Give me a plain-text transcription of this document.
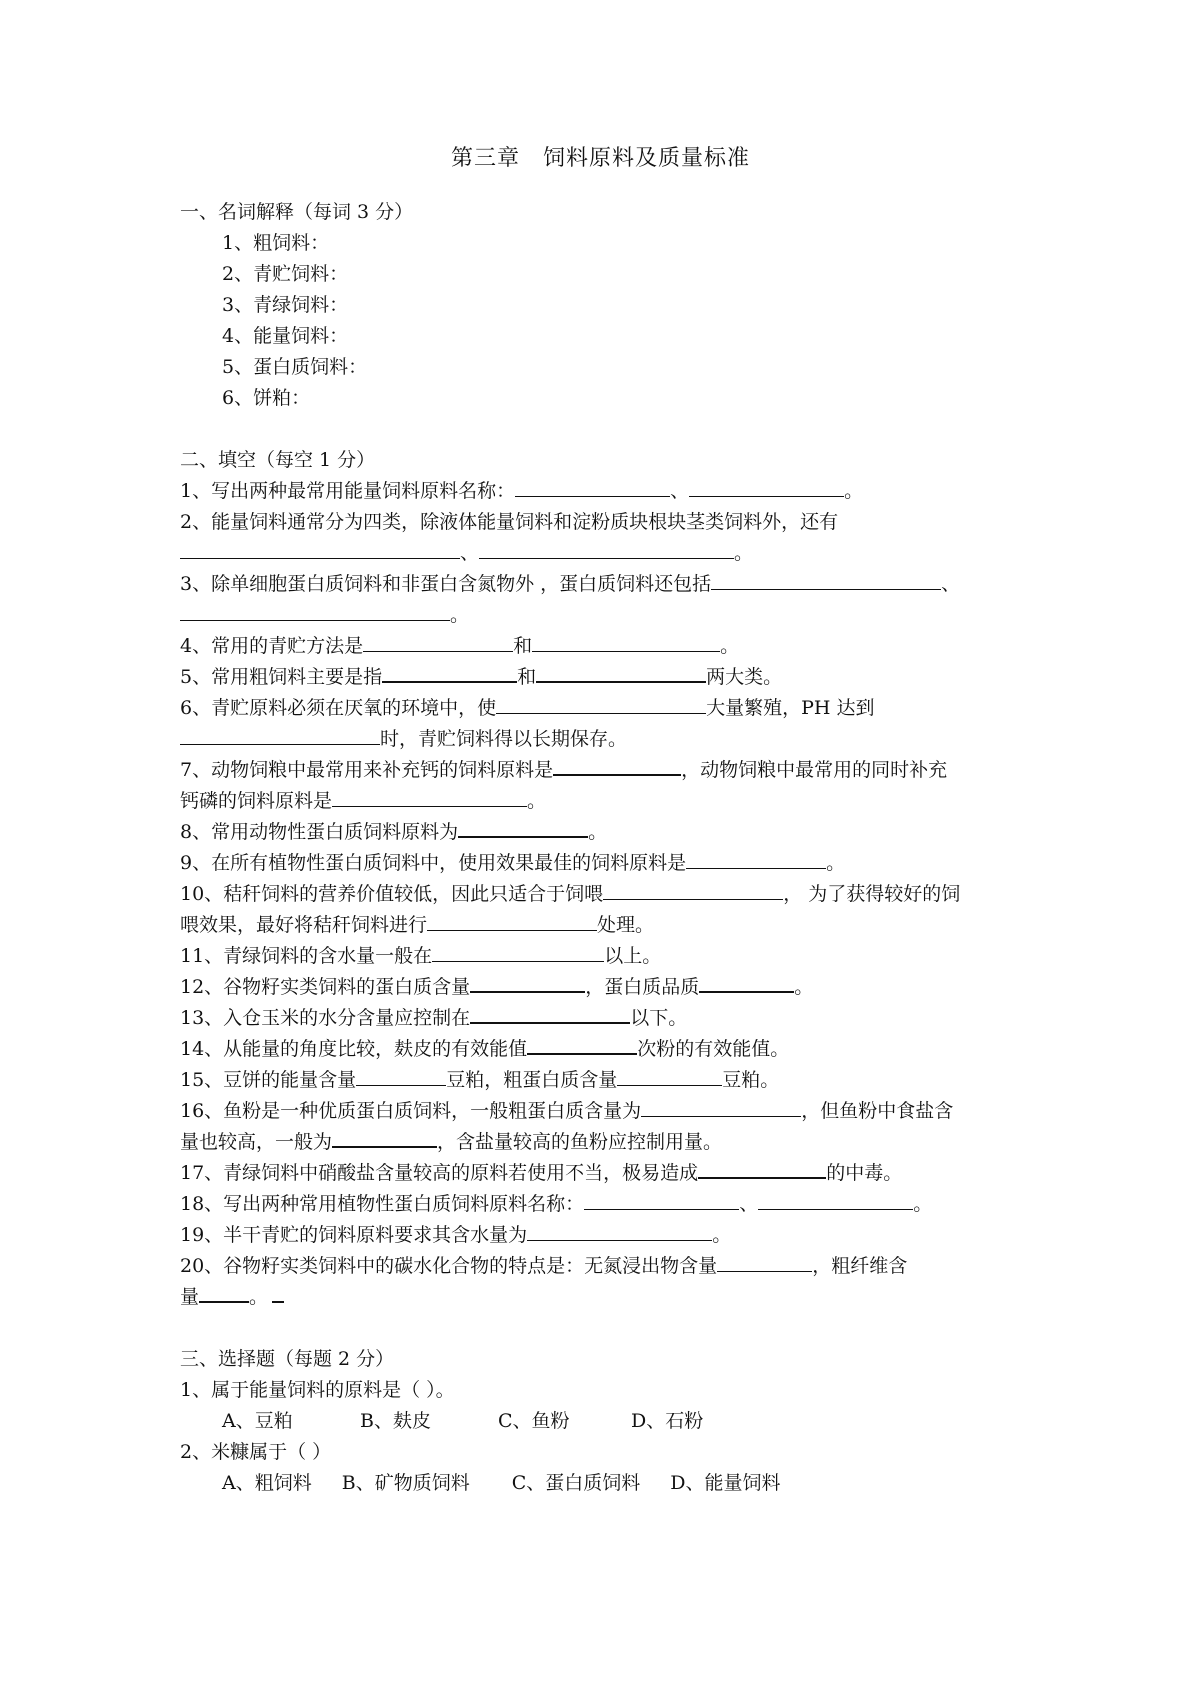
第三章　饲料原料及质量标准
一、名词解释（每词 3 分）
1、粗饲料：
2、青贮饲料：
3、青绿饲料：
4、能量饲料：
5、蛋白质饲料：
6、饼粕：
二、填空（每空 1 分）
1、写出两种最常用能量饲料原料名称：	、	。
2、能量饲料通常分为四类，除液体能量饲料和淀粉质块根块茎类饲料外，还有
、	。
3、除单细胞蛋白质饲料和非蛋白含氮物外 ，蛋白质饲料还包括	、
。
4、常用的青贮方法是	和	。
5、常用粗饲料主要是指	和	两大类。
6、青贮原料必须在厌氧的环境中，使	大量繁殖，PH 达到
时，青贮饲料得以长期保存。
7、动物饲粮中最常用来补充钙的饲料原料是	，动物饲粮中最常用的同时补充
钙磷的饲料原料是	。
8、常用动物性蛋白质饲料原料为	。
9、在所有植物性蛋白质饲料中，使用效果最佳的饲料原料是	。
10、秸秆饲料的营养价值较低，因此只适合于饲喂	， 为了获得较好的饲
喂效果，最好将秸秆饲料进行	处理。
11、青绿饲料的含水量一般在	以上。
12、谷物籽实类饲料的蛋白质含量	，蛋白质品质	。
13、入仓玉米的水分含量应控制在	以下。
14、从能量的角度比较，麸皮的有效能值	次粉的有效能值。
15、豆饼的能量含量	豆粕，粗蛋白质含量	豆粕。
16、鱼粉是一种优质蛋白质饲料，一般粗蛋白质含量为	，但鱼粉中食盐含
量也较高，一般为	，含盐量较高的鱼粉应控制用量。
17、青绿饲料中硝酸盐含量较高的原料若使用不当，极易造成	的中毒。
18、写出两种常用植物性蛋白质饲料原料名称：	、	。
19、半干青贮的饲料原料要求其含水量为	。
20、谷物籽实类饲料中的碳水化合物的特点是：无氮浸出物含量	，粗纤维含
量	。
三、选择题（每题 2 分）
1、属于能量饲料的原料是（ ）。
A、豆粕	B、麸皮	C、鱼粉	D、石粉
2、米糠属于（ ）
A、粗饲料 B、矿物质饲料 C、蛋白质饲料 D、能量饲料
